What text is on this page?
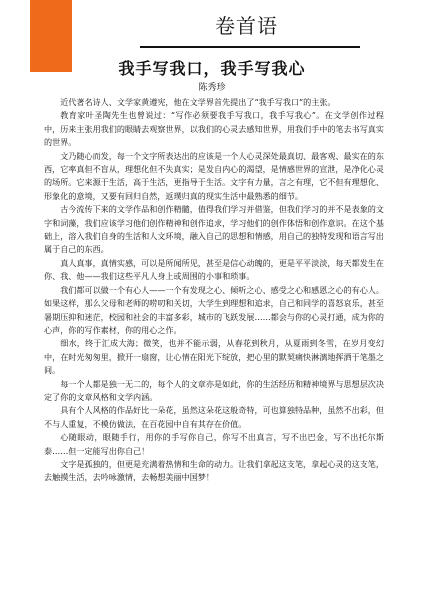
卷首语
我手写我口，我手写我心
陈秀珍

近代著名诗人、文学家黄遵宪，他在文学界首先提出了“我手写我口”的主张。

教育家叶圣陶先生也曾说过：“写作必须要我手写我口，我手写我心”。在文学创作过程中，历来主张用我们的眼睛去观察世界，以我们的心灵去感知世界，用我们手中的笔去书写真实的世界。

文乃随心而发，每一个文字所表达出的应该是一个人心灵深处最真切、最客观、最实在的东西，它率真但不盲从，理想化但不失真实；是发自内心的渴望，是情感世界的宣泄，是净化心灵的场所。它来源于生活，高于生活，更指导于生活。文字有力量，言之有理，它不但有理想化、形象化的意境，又要有回归自然，返璞归真的现实生活中最熟悉的细节。

古今流传下来的文学作品和创作精髓，值得我们学习并借鉴，但我们学习的并不是表象的文字和词藻，我们应该学习他们创作精神和创作追求，学习他们的创作体悟和创作意识。在这个基础上，溶入我们自身的生活和人文环境，融入自己的思想和情感，用自己的独特发现和语言写出属于自己的东西。

真人真事，真情实感，可以是所闻所见，甚至是信心动魄的，更是平平淡淡，每天都发生在你、我、他——我们这些平凡人身上或周围的小事和琐事。

我们都可以做一个有心人——一个有发现之心、倾听之心、感受之心和感恩之心的有心人。如果这样，那么父母和老师的唠叨和关切，大学生到理想和追求，自己和同学的喜怒哀乐，甚至暑期压抑和迷茫，校园和社会的丰富多彩，城市的飞跃发展……都会与你的心灵打通，成为你的心声，你的写作素材，你的用心之作。

细水，终于汇成大海；微笑，也并不能示弱，从春花到秋月，从夏雨到冬雪，在岁月变幻中，在时光匆匆里，掀开一扇窗，让心情在阳光下绽放，把心里的默契痛快淋漓地挥洒于笔墨之间。

每一个人都是独一无二的，每个人的文章亦是如此，你的生活经历和精神境界与思想层次决定了你的文章风格和文学内涵。

具有个人风格的作品好比一朵花，虽然这朵花这般奇特，可也算独特品种，虽然不出彩，但不与人重复，不模仿做法，在百花园中自有其存在价值。

心随眼动，眼随手行，用你的手写你自己，你写不出真言，写不出巴金，写不出托尔斯泰……但一定能写出你自己！

文字是孤独的，但更是充满着热情和生命的动力。让我们拿起这支笔，拿起心灵的这支笔，去触摸生活，去吟咏激情，去畅想美丽中国梦！
